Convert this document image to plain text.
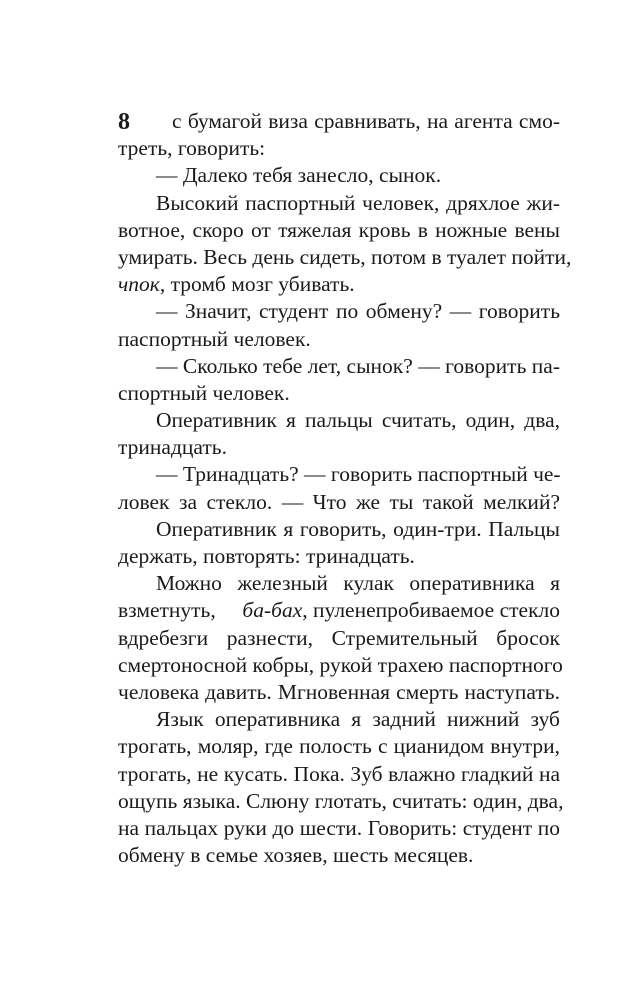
8	с бумагой виза сравнивать, на агента смо-
треть, говорить:
— Далеко тебя занесло, сынок.
Высокий паспортный человек, дряхлое жи-
вотное, скоро от тяжелая кровь в ножные вены
умирать. Весь день сидеть, потом в туалет пойти,
чпок, тромб мозг убивать.
— Значит, студент по обмену? — говорить
паспортный человек.
— Сколько тебе лет, сынок? — говорить па-
спортный человек.
Оперативник я пальцы считать, один, два,
тринадцать.
— Тринадцать? — говорить паспортный че-
ловек за стекло. — Что же ты такой мелкий?
Оперативник я говорить, один-три. Пальцы
держать, повторять: тринадцать.
Можно железный кулак оперативника я
взметнуть, ба-бах, пуленепробиваемое стекло
вдребезги разнести, Стремительный бросок
смертоносной кобры, рукой трахею паспортного
человека давить. Мгновенная смерть наступать.
Язык оперативника я задний нижний зуб
трогать, моляр, где полость с цианидом внутри,
трогать, не кусать. Пока. Зуб влажно гладкий на
ощупь языка. Слюну глотать, считать: один, два,
на пальцах руки до шести. Говорить: студент по
обмену в семье хозяев, шесть месяцев.
